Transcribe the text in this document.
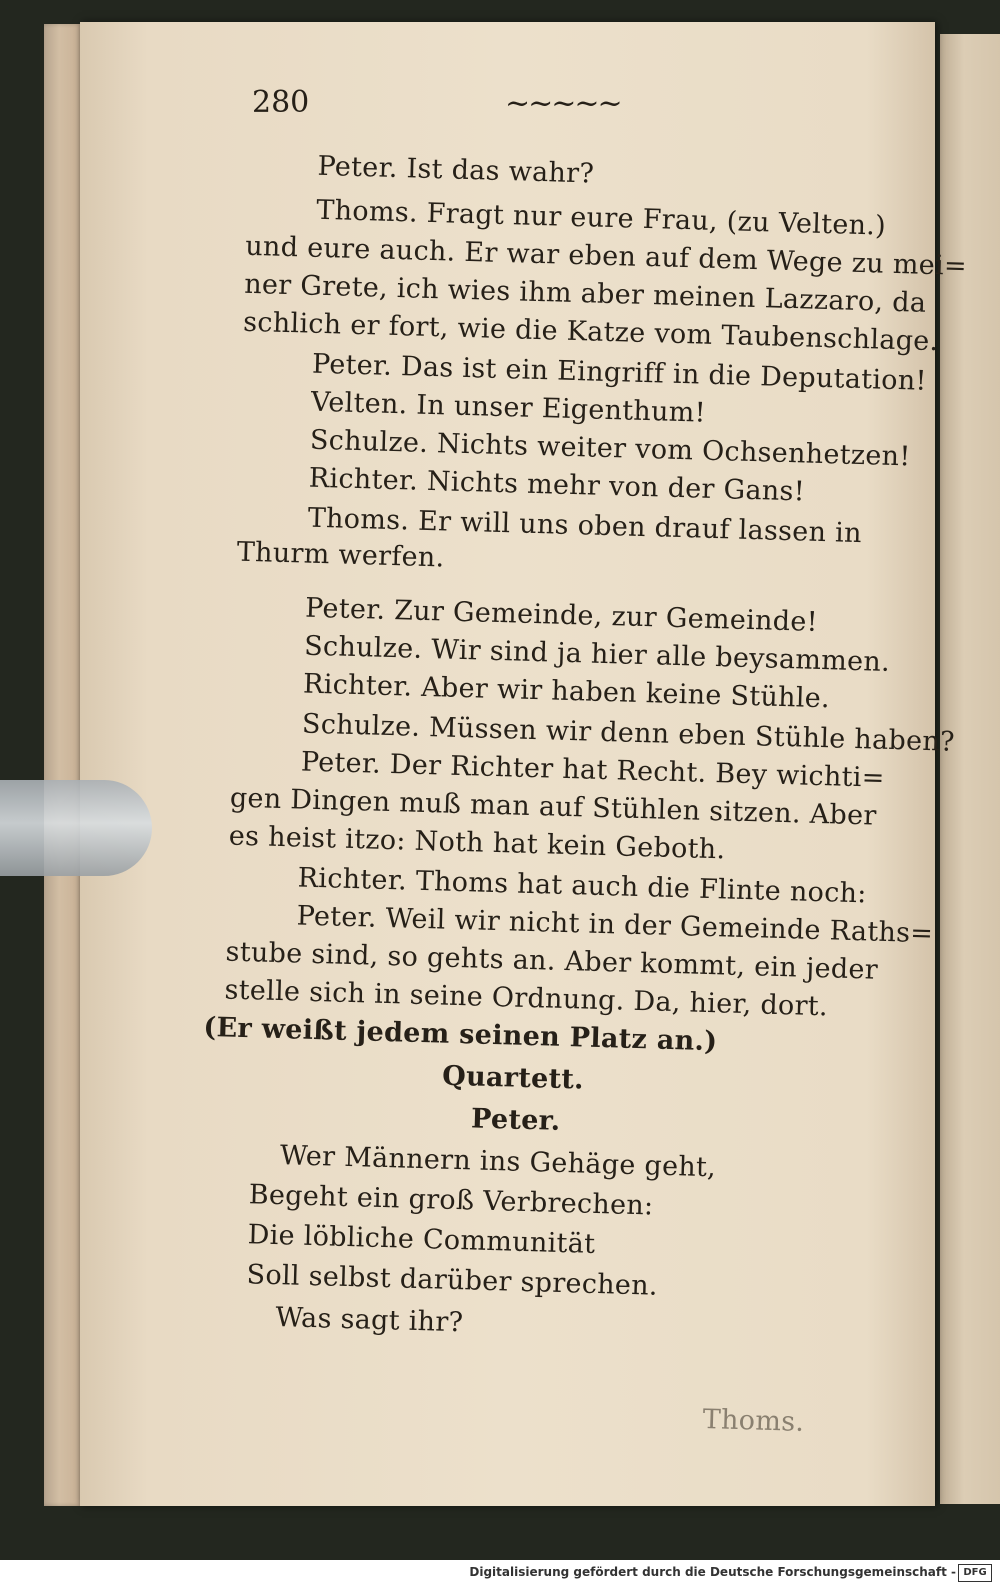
280	~~~~~
Peter. Ist das wahr?
Thoms. Fragt nur eure Frau, (zu Velten.)
und eure auch. Er war eben auf dem Wege zu mei=
ner Grete, ich wies ihm aber meinen Lazzaro, da
schlich er fort, wie die Katze vom Taubenschlage.
Peter. Das ist ein Eingriff in die Deputation!
Velten. In unser Eigenthum!
Schulze. Nichts weiter vom Ochsenhetzen!
Richter. Nichts mehr von der Gans!
Thoms. Er will uns oben drauf lassen in
Thurm werfen.
Peter. Zur Gemeinde, zur Gemeinde!
Schulze. Wir sind ja hier alle beysammen.
Richter. Aber wir haben keine Stühle.
Schulze. Müssen wir denn eben Stühle haben?
Peter. Der Richter hat Recht. Bey wichti=
gen Dingen muß man auf Stühlen sitzen. Aber
es heist itzo: Noth hat kein Geboth.
Richter. Thoms hat auch die Flinte noch:
Peter. Weil wir nicht in der Gemeinde Raths=
stube sind, so gehts an. Aber kommt, ein jeder
stelle sich in seine Ordnung. Da, hier, dort.
(Er weißt jedem seinen Platz an.)
Quartett.
Peter.
Wer Männern ins Gehäge geht,
Begeht ein groß Verbrechen:
Die löbliche Communität
Soll selbst darüber sprechen.
Was sagt ihr?
Thoms.
Digitalisierung gefördert durch die Deutsche Forschungsgemeinschaft - DFG
